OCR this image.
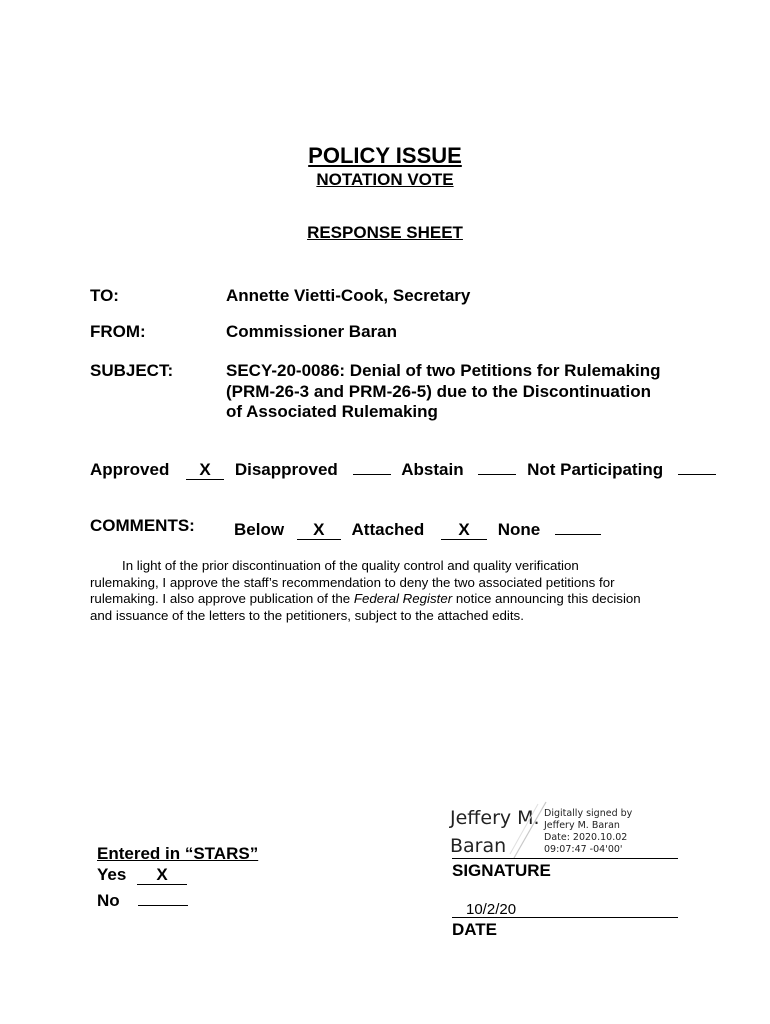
POLICY ISSUE
NOTATION VOTE
RESPONSE SHEET
TO:	Annette Vietti-Cook, Secretary
FROM:	Commissioner Baran
SUBJECT:	SECY-20-0086: Denial of two Petitions for Rulemaking
(PRM-26-3 and PRM-26-5) due to the Discontinuation
of Associated Rulemaking
Approved X Disapproved	Abstain	Not Participating
COMMENTS: Below X Attached X None

In light of the prior discontinuation of the quality control and quality verification

rulemaking, I approve the staff’s recommendation to deny the two associated petitions for

rulemaking. I also approve publication of the Federal Register notice announcing this decision

and issuance of the letters to the petitioners, subject to the attached edits.

Entered in “STARS”
Yes X
No
Jeffery M.
Baran
Digitally signed by
Jeffery M. Baran
Date: 2020.10.02
09:07:47 -04'00'
SIGNATURE
10/2/20
DATE
